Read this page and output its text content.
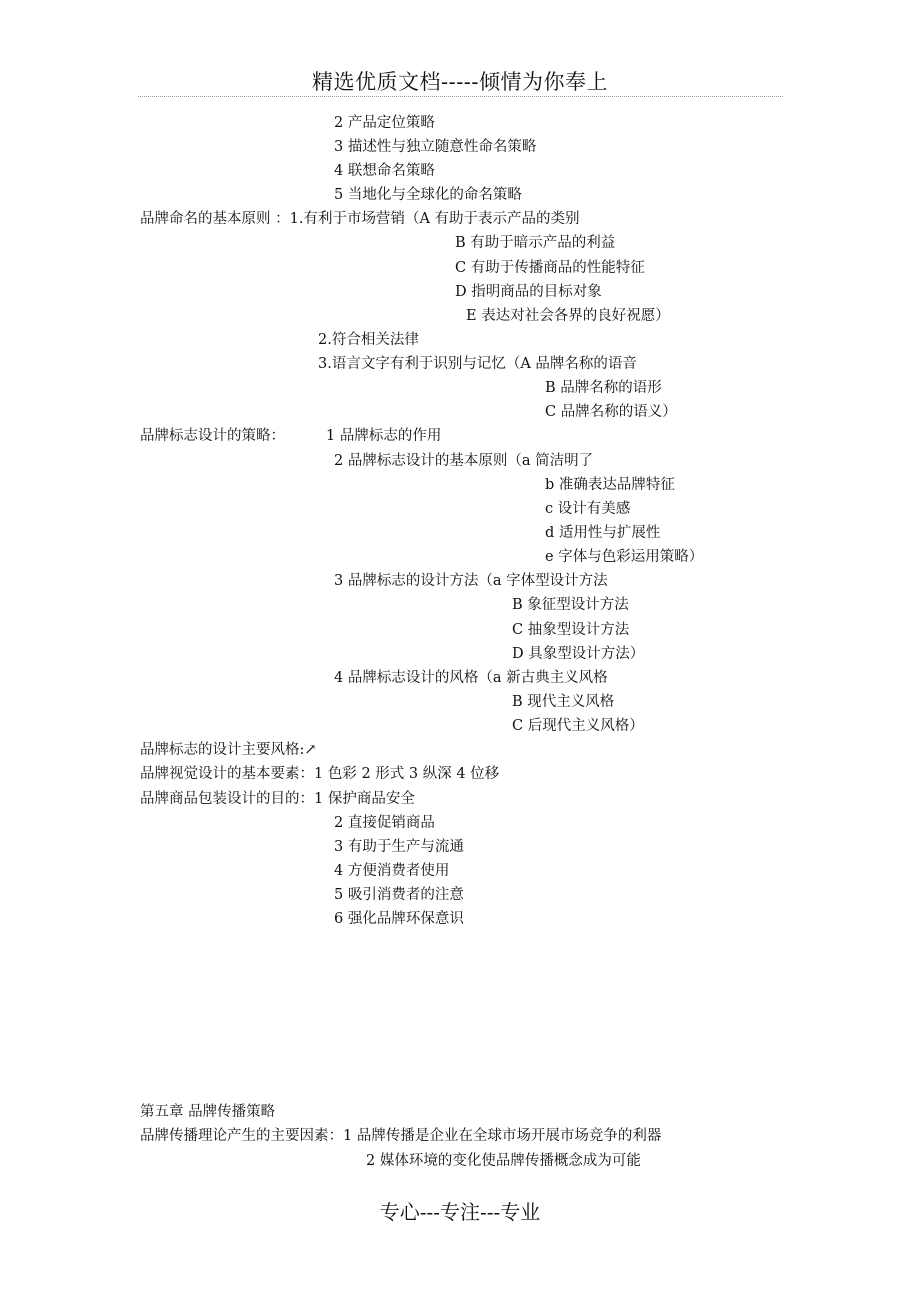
精选优质文档-----倾情为你奉上
2 产品定位策略
3 描述性与独立随意性命名策略
4 联想命名策略
5 当地化与全球化的命名策略
品牌命名的基本原则 ：1.有利于市场营销（A 有助于表示产品的类别
B 有助于暗示产品的利益
C 有助于传播商品的性能特征
D 指明商品的目标对象
E 表达对社会各界的良好祝愿）
2.符合相关法律
3.语言文字有利于识别与记忆（A 品牌名称的语音
B 品牌名称的语形
C 品牌名称的语义）
品牌标志设计的策略：	1 品牌标志的作用
2 品牌标志设计的基本原则（a 简洁明了
b 准确表达品牌特征
c 设计有美感
d 适用性与扩展性
e 字体与色彩运用策略）
3 品牌标志的设计方法（a 字体型设计方法
B 象征型设计方法
C 抽象型设计方法
D 具象型设计方法）
4 品牌标志设计的风格（a 新古典主义风格
B 现代主义风格
C 后现代主义风格）
品牌标志的设计主要风格:↗
品牌视觉设计的基本要素：1 色彩 2 形式 3 纵深 4 位移
品牌商品包装设计的目的：1 保护商品安全
2 直接促销商品
3 有助于生产与流通
4 方便消费者使用
5 吸引消费者的注意
6 强化品牌环保意识
第五章 品牌传播策略
品牌传播理论产生的主要因素：1 品牌传播是企业在全球市场开展市场竞争的利器
2 媒体环境的变化使品牌传播概念成为可能
专心---专注---专业
